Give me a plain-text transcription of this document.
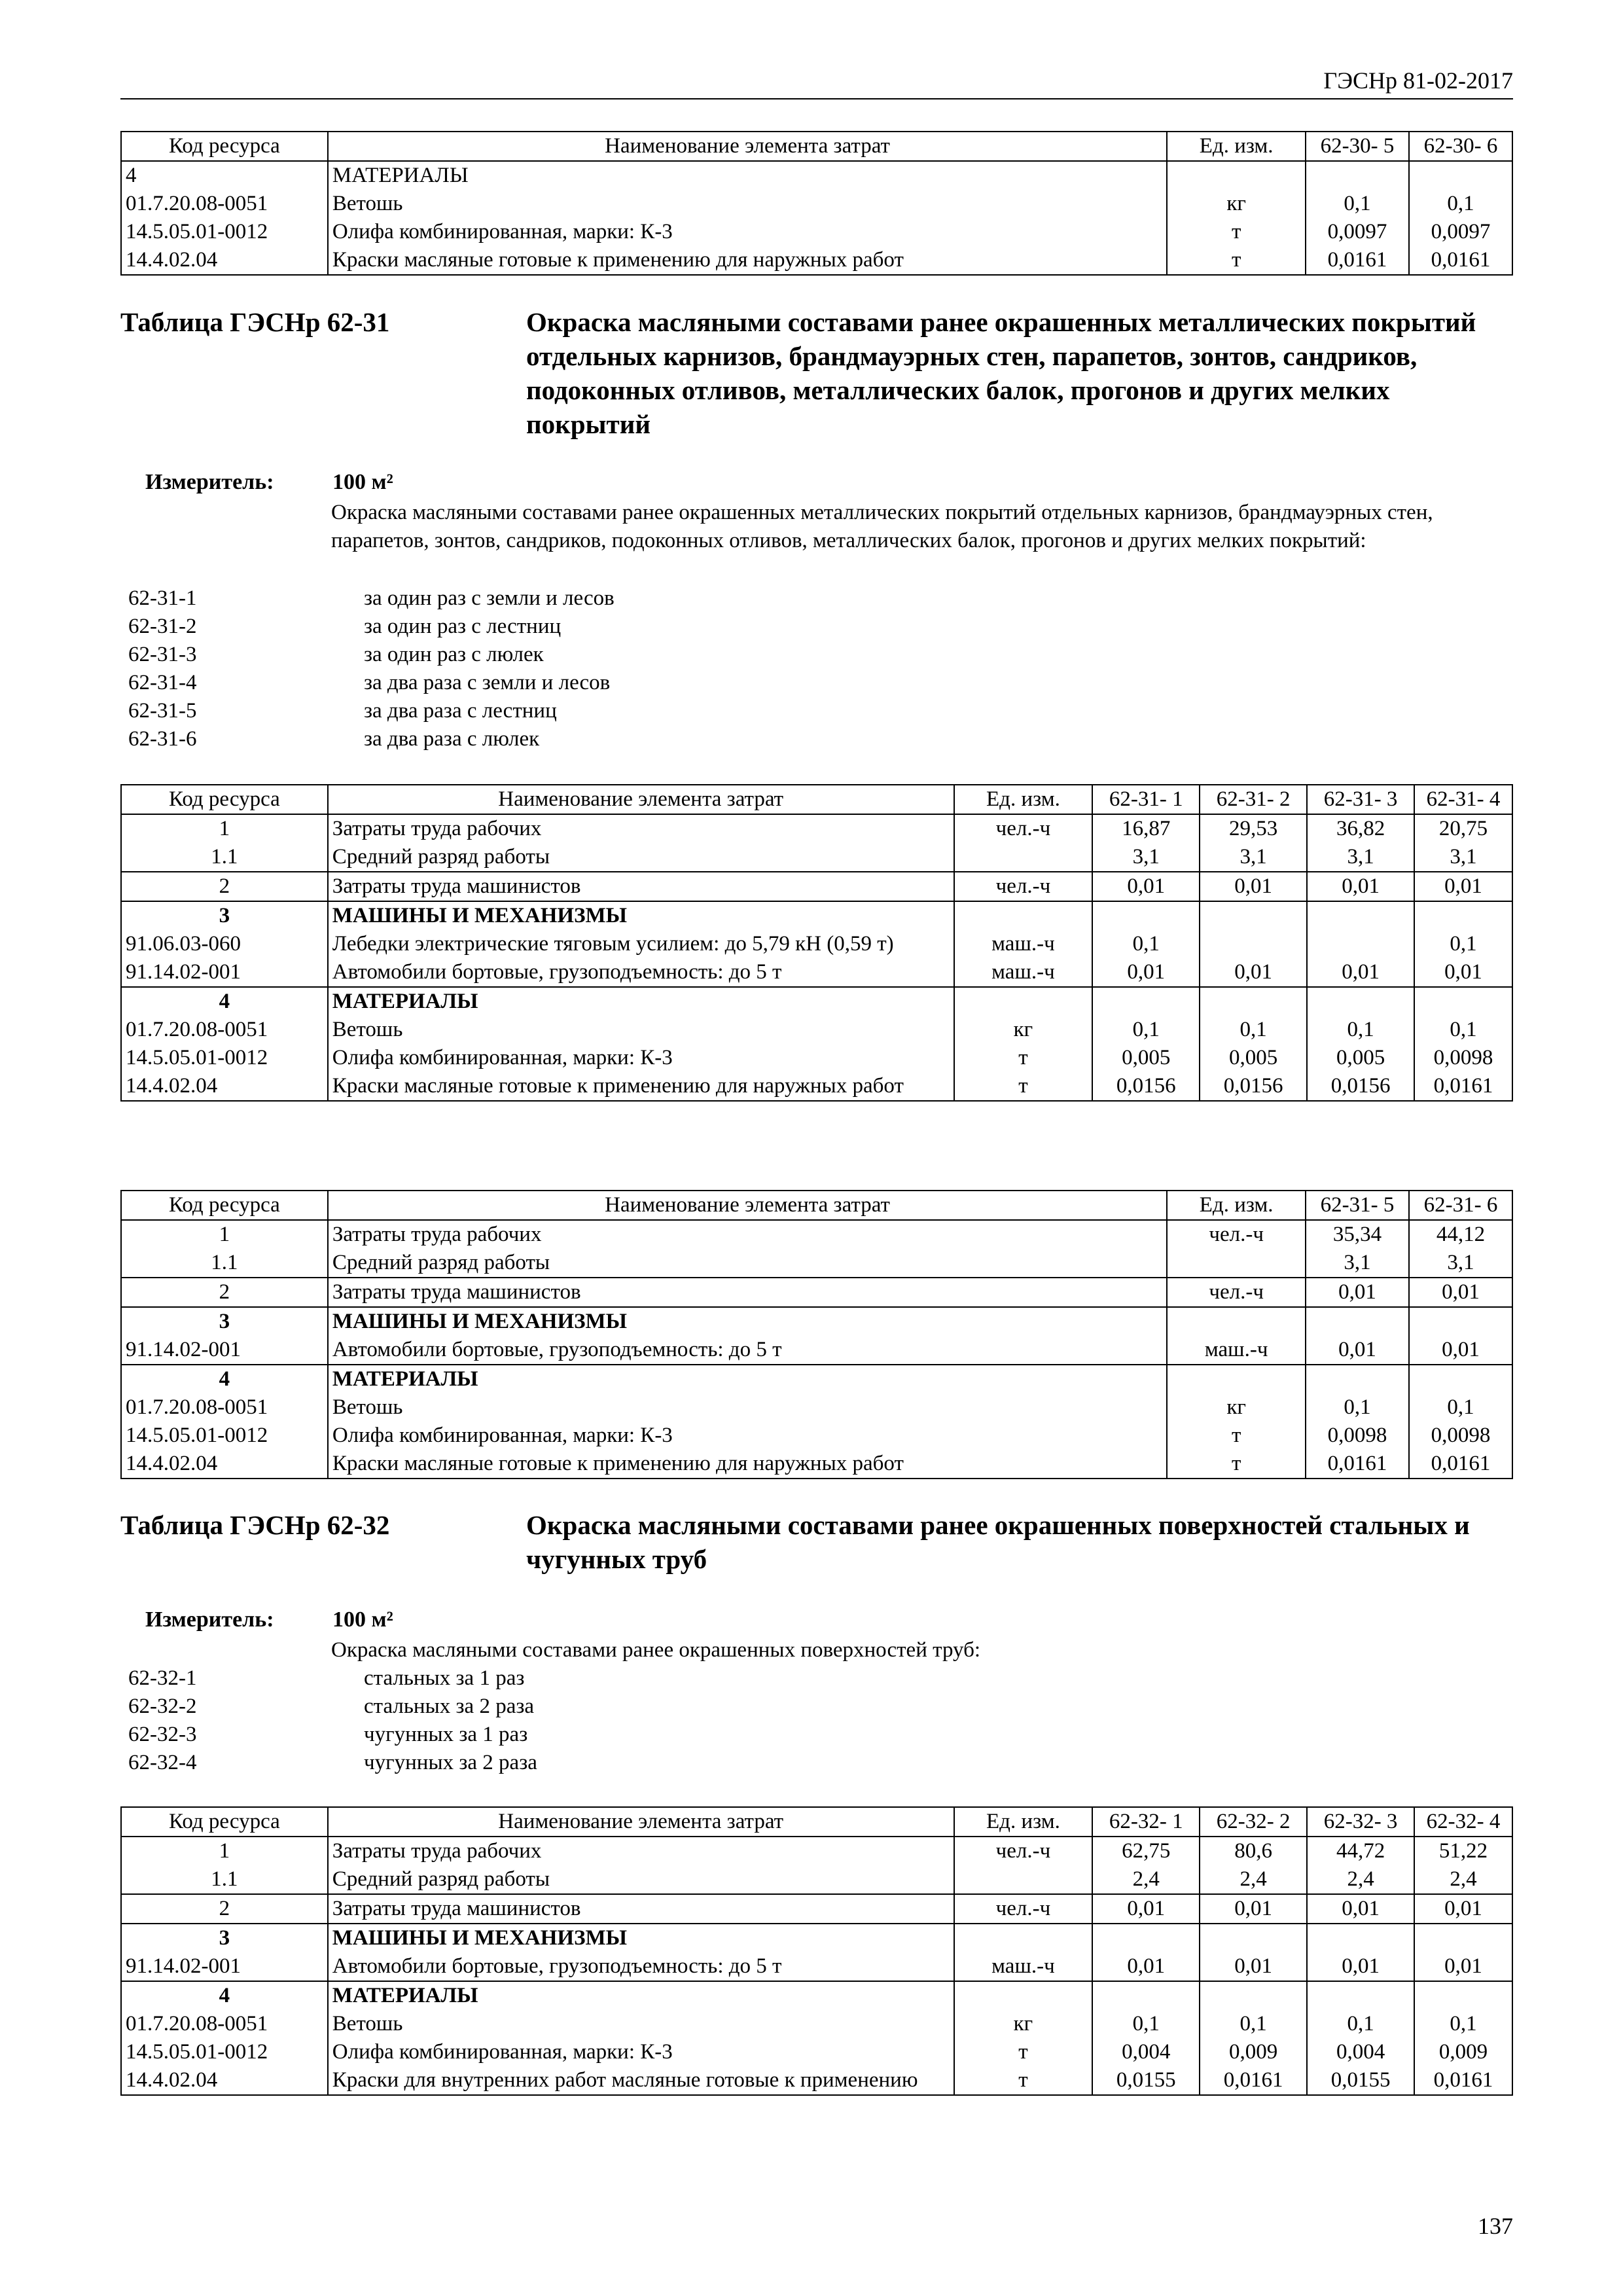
ГЭСНр 81-02-2017
Код ресурса	Наименование элемента затрат	Ед. изм.	62-30- 5	62-30- 6
4	МАТЕРИАЛЫ			
01.7.20.08-0051	Ветошь	кг	0,1	0,1
14.5.05.01-0012	Олифа комбинированная, марки: К-3	т	0,0097	0,0097
14.4.02.04	Краски масляные готовые к применению для наружных работ	т	0,0161	0,0161
Таблица ГЭСНр 62-31	Окраска масляными составами ранее окрашенных металлических покрытий отдельных карнизов, брандмауэрных стен, парапетов, зонтов, сандриков, подоконных отливов, металлических балок, прогонов и других мелких покрытий
Измеритель:	100 м²
Окраска масляными составами ранее окрашенных металлических покрытий отдельных карнизов, брандмауэрных стен, парапетов, зонтов, сандриков, подоконных отливов, металлических балок, прогонов и других мелких покрытий:
62-31-1	за один раз с земли и лесов
62-31-2	за один раз с лестниц
62-31-3	за один раз с люлек
62-31-4	за два раза с земли и лесов
62-31-5	за два раза с лестниц
62-31-6	за два раза с люлек
Код ресурса	Наименование элемента затрат	Ед. изм.	62-31- 1	62-31- 2	62-31- 3	62-31- 4
1	Затраты труда рабочих	чел.-ч	16,87	29,53	36,82	20,75
1.1	Средний разряд работы		3,1	3,1	3,1	3,1
2	Затраты труда машинистов	чел.-ч	0,01	0,01	0,01	0,01
3	МАШИНЫ И МЕХАНИЗМЫ					
91.06.03-060	Лебедки электрические тяговым усилием: до 5,79 кН (0,59 т)	маш.-ч	0,1			0,1
91.14.02-001	Автомобили бортовые, грузоподъемность: до 5 т	маш.-ч	0,01	0,01	0,01	0,01
4	МАТЕРИАЛЫ					
01.7.20.08-0051	Ветошь	кг	0,1	0,1	0,1	0,1
14.5.05.01-0012	Олифа комбинированная, марки: К-3	т	0,005	0,005	0,005	0,0098
14.4.02.04	Краски масляные готовые к применению для наружных работ	т	0,0156	0,0156	0,0156	0,0161
Код ресурса	Наименование элемента затрат	Ед. изм.	62-31- 5	62-31- 6
1	Затраты труда рабочих	чел.-ч	35,34	44,12
1.1	Средний разряд работы		3,1	3,1
2	Затраты труда машинистов	чел.-ч	0,01	0,01
3	МАШИНЫ И МЕХАНИЗМЫ			
91.14.02-001	Автомобили бортовые, грузоподъемность: до 5 т	маш.-ч	0,01	0,01
4	МАТЕРИАЛЫ			
01.7.20.08-0051	Ветошь	кг	0,1	0,1
14.5.05.01-0012	Олифа комбинированная, марки: К-3	т	0,0098	0,0098
14.4.02.04	Краски масляные готовые к применению для наружных работ	т	0,0161	0,0161
Таблица ГЭСНр 62-32	Окраска масляными составами ранее окрашенных поверхностей стальных и чугунных труб
Измеритель:	100 м²
Окраска масляными составами ранее окрашенных поверхностей труб:
62-32-1	стальных за 1 раз
62-32-2	стальных за 2 раза
62-32-3	чугунных за 1 раз
62-32-4	чугунных за 2 раза
Код ресурса	Наименование элемента затрат	Ед. изм.	62-32- 1	62-32- 2	62-32- 3	62-32- 4
1	Затраты труда рабочих	чел.-ч	62,75	80,6	44,72	51,22
1.1	Средний разряд работы		2,4	2,4	2,4	2,4
2	Затраты труда машинистов	чел.-ч	0,01	0,01	0,01	0,01
3	МАШИНЫ И МЕХАНИЗМЫ					
91.14.02-001	Автомобили бортовые, грузоподъемность: до 5 т	маш.-ч	0,01	0,01	0,01	0,01
4	МАТЕРИАЛЫ					
01.7.20.08-0051	Ветошь	кг	0,1	0,1	0,1	0,1
14.5.05.01-0012	Олифа комбинированная, марки: К-3	т	0,004	0,009	0,004	0,009
14.4.02.04	Краски для внутренних работ масляные готовые к применению	т	0,0155	0,0161	0,0155	0,0161
137
